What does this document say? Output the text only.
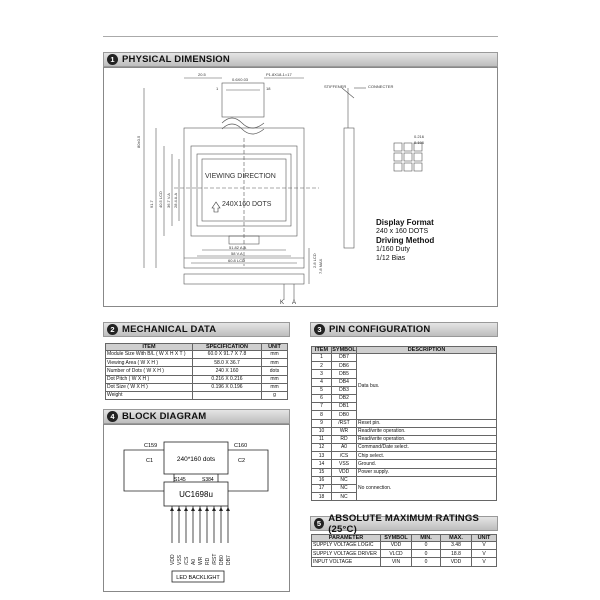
1 PHYSICAL DIMENSION
VIEWING DIRECTION
240X160 DOTS
20.5
0.6X0.03
P1.8X18-1=17
1	18
80±0.5
91.7 40.5 LCD 36.7 V.A 28.4 A.A
51.82 A.A
58 V.A
60.8 LCD	2.8 LCD 7.8 MAX
STIFFENER	CONNECTER
0.216
0.196
K A
Display Format
240 x 160 DOTS
Driving Method
1/160 Duty
1/12 Bias
2 MECHANICAL DATA
ITEM	SPECIFICATION	UNIT
Module Size With B/L ( W X H X T )	60.0 X 91.7 X 7.8	mm
Viewing Area ( W X H )	58.0 X 36.7	mm
Number of Dots ( W X H )	240 X 160	dots
Dot Pitch ( W X H )	0.216 X 0.216	mm
Dot Size ( W X H )	0.196 X 0.196	mm
Weight		g
3 PIN CONFIGURATION
ITEM	SYMBOL	DESCRIPTION
1	DB7	Data bus.
2	DB6	
3	DB5	
4	DB4	
5	DB3	
6	DB2	
7	DB1	
8	DB0	
9	/RST	Reset pin.
10	WR	Read/write operation.
11	RD	Read/write operation.
12	A0	Command/Date select.
13	/CS	Chip select.
14	VSS	Ground.
15	VDD	Power supply.
16	NC	No connection.
17	NC	
18	NC	
4 BLOCK DIAGRAM
240*160 dots
C159	C160
C1	C2
S145	S384
UC1698u
VDD VSS /CS A0 WR RD /RST DB0 DB7
LED BACKLIGHT
5 ABSOLUTE MAXIMUM RATINGS (25°C)
PARAMETER	SYMBOL	MIN.	MAX.	UNIT
SUPPLY VOLTAGE LOGIC	VDD	0	3.48	V
SUPPLY VOLTAGE DRIVER	VLCD	0	18.8	V
INPUT VOLTAGE	VIN	0	VDD	V
